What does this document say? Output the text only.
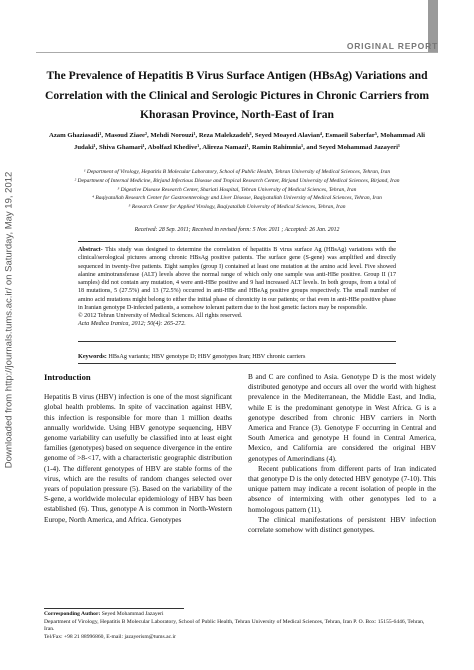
Downloaded from http://journals.tums.ac.ir/ on Saturday, May 19, 2012
ORIGINAL REPORT
The Prevalence of Hepatitis B Virus Surface Antigen (HBsAg) Variations and Correlation with the Clinical and Serologic Pictures in Chronic Carriers from Khorasan Province, North-East of Iran
Azam Ghaziasadi¹, Masoud Ziaee², Mehdi Norouzi¹, Reza Malekzadeh³, Seyed Moayed Alavian⁴, Esmaeil Saberfar⁵, Mohammad Ali Judaki¹, Shiva Ghamari¹, Abolfazl Khedive¹, Alireza Namazi¹, Ramin Rahimnia¹, and Seyed Mohammad Jazayeri¹
¹ Department of Virology, Hepatitis B Molecular Laboratory, School of Public Health, Tehran University of Medical Sciences, Tehran, Iran
² Department of Internal Medicine, Birjand Infectious Disease and Tropical Research Center, Birjand University of Medical Sciences, Birjand, Iran
³ Digestive Disease Research Center, Shariati Hospital, Tehran University of Medical Sciences, Tehran, Iran
⁴ Baqiyatallah Research Center for Gastroenterology and Liver Disease, Baqiyatallah University of Medical Sciences, Tehran, Iran
⁵ Research Center for Applied Virology, Baqiyatallah University of Medical Sciences, Tehran, Iran
Received: 28 Sep. 2011; Received in revised form: 5 Nov. 2011 ; Accepted: 26 Jan. 2012

Abstract- This study was designed to determine the correlation of hepatitis B virus surface Ag (HBsAg) variations with the clinical/serological pictures among chronic HBsAg positive patients. The surface gene (S-gene) was amplified and directly sequenced in twenty-five patients. Eight samples (group I) contained at least one mutation at the amino acid level. Five showed alanine aminotransferase (ALT) levels above the normal range of which only one sample was anti-HBe positive. Group II (17 samples) did not contain any mutation, 4 were anti-HBe positive and 9 had increased ALT levels. In both groups, from a total of 18 mutations, 5 (27.5%) and 13 (72.5%) occurred in anti-HBe and HBeAg positive groups respectively. The small number of amino acid mutations might belong to either the initial phase of chronicity in our patients; or that even in anti-HBe positive phase in Iranian genotype D-infected patients, a somehow tolerant pattern due to the host genetic factors may be responsible.

© 2012 Tehran University of Medical Sciences. All rights reserved.
Acta Medica Iranica, 2012; 50(4): 265-272.
Keywords: HBsAg variants; HBV genotype D; HBV genotypes Iran; HBV chronic carriers
Introduction

Hepatitis B virus (HBV) infection is one of the most significant global health problems. In spite of vaccination against HBV, this infection is responsible for more than 1 million deaths annually worldwide. Using HBV genotype sequencing, HBV genome variability can usefully be classified into at least eight families (genotypes) based on sequence divergence in the entire genome of >8-<17, with a characteristic geographic distribution (1-4). The different genotypes of HBV are stable forms of the virus, which are the results of random changes selected over years of population pressure (5). Based on the variability of the S-gene, a worldwide molecular epidemiology of HBV has been established (6). Thus, genotype A is common in North-Western Europe, North America, and Africa. Genotypes

B and C are confined to Asia. Genotype D is the most widely distributed genotype and occurs all over the world with highest prevalence in the Mediterranean, the Middle East, and India, while E is the predominant genotype in West Africa. G is a genotype described from chronic HBV carriers in North America and France (3). Genotype F occurring in Central and South America and genotype H found in Central America, Mexico, and California are considered the original HBV genotypes of Amerindians (4).

Recent publications from different parts of Iran indicated that genotype D is the only detected HBV genotype (7-10). This unique pattern may indicate a recent isolation of people in the absence of intermixing with other genotypes led to a homologous pattern (11).

The clinical manifestations of persistent HBV infection correlate somehow with distinct genotypes.

Corresponding Author: Seyed Mohammad Jazayeri
Department of Virology, Hepatitis B Molecular Laboratory, School of Public Health, Tehran University of Medical Sciences, Tehran, Iran P. O. Box: 15155-6446, Tehran, Iran.
Tel/Fax: +98 21 88996860, E-mail: jazayerism@tums.ac.ir
